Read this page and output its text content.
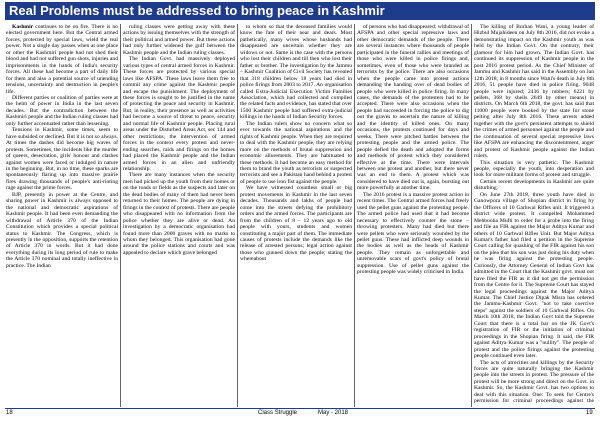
Real Problems must be addressed to bring peace in Kashmir

Kashmir continues to be on fire. There is no elected government here. But the Central armed forces, protected by special laws, wield the real power. Not a single day passes when at one place or other the Kashmiri people had not shed their blood and had not suffered gun shots, injuries and imprisonments in the hands of India's security forces. All these had become a part of daily life for them and also a potential source of unending tensions, uncertainty and destruction in people's life.

Different parties or coalition of parties were at the helm of power in India in the last seven decades. But the contradiction between the Kashmiri people and the Indian ruling classes had only further accentuated rather than lessening.

Tensions in Kashmir, some times, seem to have subsided or declined. But it is not so always. At times the dashes did become big waves of protests. Sometimes, the incidents like the murder of queers, desecration, girls' honour and clashes against women were faced or indulged in nature in the beginning. But, in no time, these sparks are spontaneously flaring up into massive prairie fires drawing thousands of people's anti-rioting rage against the prime forces.

BJP, presently in power at the Centre, and sharing power in Kashmir is always opposed to the national and democratic aspirations of Kashmir people. It had been even demanding the withdrawal of Article 370 of the Indian Constitution which provides a special political status to Kashmir. The Congress, which is presently in the opposition, supports the retention of Article 370 in words. But it had done everything during its long period of rule to make the Article 370 nominal and totally ineffective in practice. The Indian

ruling classes were getting away with these actions by issuing themselves with the strength of their political and armed power. But these actions had only further widened the gulf between the Kashmir people and the Indian ruling classes.

The Indian Govt. had massively deployed various types of central armed forces in Kashmir. These forces are protected by various special laws like AFSPA. These laws leave them free to commit any crime against the Kashmir people and escape the punishment. The deployment of these forces is sought to be justified in the name of protecting the peace and security in Kashmir. But, in reality, their presence as well as activities had become a source of threat to peace, security and normal life of Kashmir people. Placing rural areas under the Disturbed Areas Act, sec 144 and other restrictions, the intervention of armed forces in the context every protest and never-ending searches, raids and firings on the homes had placed the Kashmir people and the Indian armed forces in an alien and unfriendly relationship.

There are many instances when the security men had picked up the youth from their homes or on the roads or fields as the suspects and later on the dead bodies of many of them had never been returned to their homes. The people are dying in firings in the context of protests. There are people who disappeared with no information from the police whether they are alive or dead. An investigation by a democratic organisation had found more than 2000 graves with no marks to whom they belonged. This organisation had gone around the police stations and courts and was appealed to declare which grave belonged

to whom so that the deceased families would know the fate of their near and dears. Most pathetically, many wives whose husbands had disappeared are uncertain whether they are widows or not. Same is the case with the persons who lost their children and till then who lost their father or brother. The investigation by the Jammu – Kashmir Coalition of Civil Society has revealed that 318 children below 18 years had died in police firings from 2003 to 2017. An organisation called Extra-Judicial Execution Victim Families Association, which had collected and compiled the related facts and evidence, has stated that over 1500 Kashmir people had suffered extra-judicial killings in the hands of Indian Security forces.

The Indian rulers show no concern what so ever towards the national aspirations and the rights of Kashmir people. When they are required to deal with the Kashmir people, they are relying more on the methods of brutal suppression and economic allurements. They are habituated to these methods. It had become an easy method for them to brand the youth as terrorists or suspected terrorists and see a Pakistan hand behind a protest of people to use iron fist against the people.

We have witnessed countless small or big protest movements in Kashmir in the last seven decades. Thousands and lakhs of people had come into the streets defying the prohibitory orders and the armed forces. The participants are from the children of 8 – 12 years ago to old people with yours, students and women constituting a major part of them. The immediate causes of protests include the demands like the release of arrested persons; legal action against those who gunned down the people; stating the whereabout

of persons who had disappeared; withdrawal of AFSPA and other special repressive laws and other democratic demands of the people. There are several instances where thousands of people participated in the funeral rallies and meetings of those who were killed in police firings and, sometimes, even of those who were branded as terrorists by the police. There are also occasions when the people came into protest actions demanding the handing over of dead bodies of people who were killed in police firing. In many cases, the demands of the protesters had to be accepted. There were also occasions when the people had succeeded in forcing the police to dig out the graves to ascertain the nature of killing and the identity of killed ones. On many occasions, the protests continued for days and weeks. There were pitched battles between the protesting people and the armed police. The people defied the death and adopted the forms and methods of protest which they considered effective at the time. There were intervals between one protest and another, but there never was an end to them. A protest which was considered to have died out is, again, bursting out more powerfully at another time.

The 2016 protest is a massive protest action in recent times. The Central armed forces had freely used the pellet guns against the protesting people. The armed police had used that it had become necessary to effectively counter the stone – throwing protesters. Many had died but there were pellets who were seriously wounded by the pellet guns. These had inflicted deep wounds in the bodies as well as the heads of Kashmir people. They remain as unforgettable and unremovable scars of govt's policy of brutal suppression. Use of pellet guns against the protesting people was widely criticised in India.

The killing of Burhan Wani, a young leader of Hizbul Mujahideen on July 8th 2016, did not evoke a demonstrating impact on the Kashmir youth as was held by the Indian Govt. On the contrary, their glamour for him had grown. The Indian Govt. has continued its suppression of Kashmir people in the post 2016 protest period. As the Chief Minister of Jammu and Kashmir has said in the Assembly on Jan 12th 2018, in 8 months since Wani's death in July 8th 2016, 51 people have died in police firing. 9048 people were injured; 2436 by rubbers; 6221 by pellets, 368 by shells 2649 by other means) in districts. On March 6th 2018, the govt. has said that 11000 people were booked by the state for stone pelting after July 8th 2016. These arrests added together with the govt's persistent attempts to shield the crimes of armed personnel against the people and the continuation of several special repressive laws like AFSPA are enhancing the discontentment, anger and protest of Kashmir people against the Indian rulers.

This situation is very pathetic. The Kashmir people, especially the youth, into desperation and look for more militant forms of protest and struggle.

Certain recent developments in Kashmir are quite disturbing.

On June 27th 2018, three youth have died in Ganowpora village of Shopian district in firing by the Officers of 10 Garhwal Rifles unit. It triggered a district wide protest. It compelled Mohammed Mehbooba Mufti to order for a probe into the firing and file an FIR against the Major Aditya Kumar and others of 10 Garhwal Rifles Unit. But Major Aditya Kumar's father had filed a petition in the Supreme Court calling for quashing of the FIR against his son on the plea that his son was just doing his duty when he was firing against the protesting people. Curiously, the Attorney General of Indian Govt has admitted in the Court that the Kashmir govt. must not have filed the FIR as it did not get the permission from the Centre for it. The Supreme Court has stayed the legal proceedings against the Major Aditya Kumar. The Chief Justice Dipak Misra has ordered the Jammu-Kashmir Govt. "not to take coercive steps" against the soldiers of 10 Garhwal Rifles. On March 10th 2018, the Indian Govt told the Supreme Court that there is a total bar on the JK Govt's registration of FIR or the initiation of criminal proceedings in the Shopian firing. It said, the FIR against Aditya Kumar was a "nullity". The people of protest and the police firings against the protesting people continued even later.

The acts of atrocities and killings by the Security forces are quite naturally bringing the Kashmir people into the streets in protest. The pressure of the protest will be more strong and direct on the Govt. in Kashmir. So, the Kashmir Govt. has two options to deal with this situation. One: To seek for Centre's permission for criminal proceedings against the

18	Class Struggle	May - 2018	19
